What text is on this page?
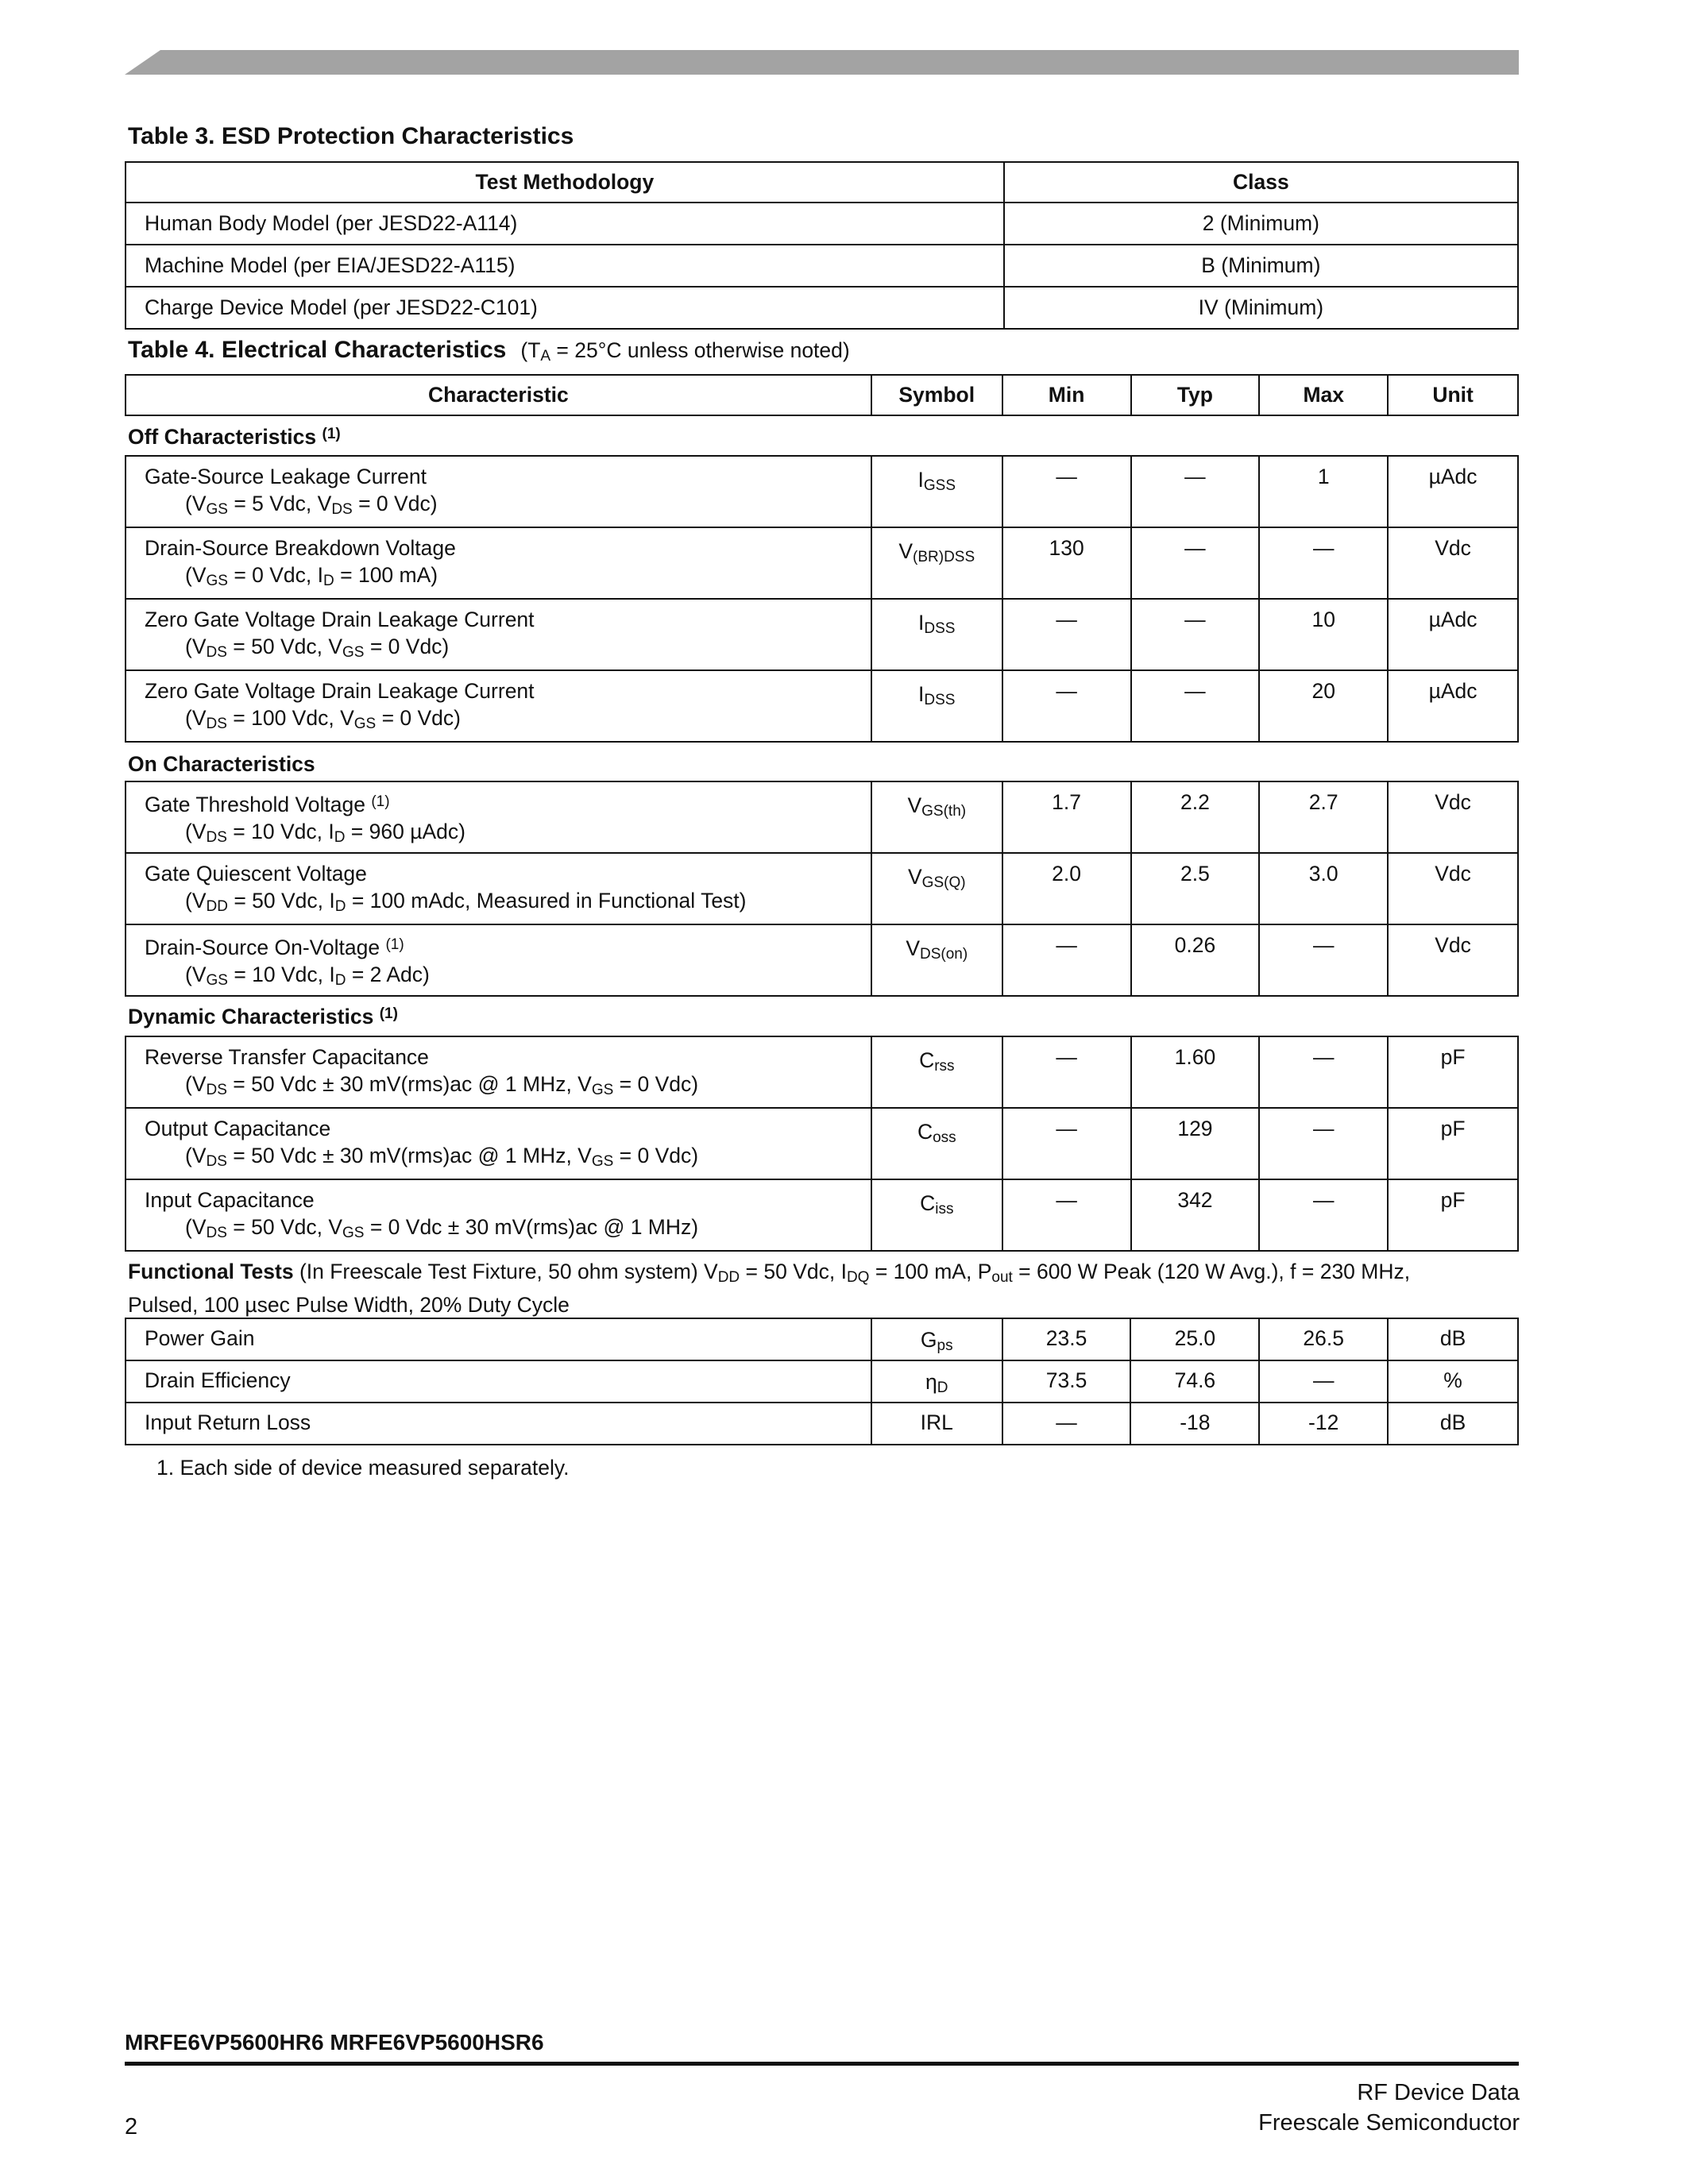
Table 3. ESD Protection Characteristics
Test Methodology	Class
Human Body Model (per JESD22-A114)	2 (Minimum)
Machine Model (per EIA/JESD22-A115)	B (Minimum)
Charge Device Model (per JESD22-C101)	IV (Minimum)
Table 4. Electrical Characteristics ($T_A = 25^\circ C$ unless otherwise noted)
Characteristic	Symbol	Min	Typ	Max	Unit
Off Characteristics $^{(1)}$
Gate-Source Leakage Current
($V_{GS} = 5$ Vdc, $V_{DS} = 0$ Vdc)	$I_{GSS}$	—	—	1	µAdc

Drain-Source Breakdown Voltage
($V_{GS} = 0$ Vdc, $I_D = 100$ mA)	$V_{(BR)DSS}$	130	—	—	Vdc

Zero Gate Voltage Drain Leakage Current
($V_{DS} = 50$ Vdc, $V_{GS} = 0$ Vdc)	$I_{DSS}$	—	—	10	µAdc

Zero Gate Voltage Drain Leakage Current
($V_{DS} = 100$ Vdc, $V_{GS} = 0$ Vdc)	$I_{DSS}$	—	—	20	µAdc
On Characteristics
Gate Threshold Voltage $^{(1)}$
($V_{DS} = 10$ Vdc, $I_D = 960$ µAdc)	$V_{GS(th)}$	1.7	2.2	2.7	Vdc

Gate Quiescent Voltage
($V_{DD} = 50$ Vdc, $I_D = 100$ mAdc, Measured in Functional Test)	$V_{GS(Q)}$	2.0	2.5	3.0	Vdc

Drain-Source On-Voltage $^{(1)}$
($V_{GS} = 10$ Vdc, $I_D = 2$ Adc)	$V_{DS(on)}$	—	0.26	—	Vdc
Dynamic Characteristics $^{(1)}$
Reverse Transfer Capacitance
($V_{DS} = 50$ Vdc ± 30 mV(rms)ac @ 1 MHz, $V_{GS} = 0$ Vdc)	$C_{rss}$	—	1.60	—	pF

Output Capacitance
($V_{DS} = 50$ Vdc ± 30 mV(rms)ac @ 1 MHz, $V_{GS} = 0$ Vdc)	$C_{oss}$	—	129	—	pF

Input Capacitance
($V_{DS} = 50$ Vdc, $V_{GS} = 0$ Vdc ± 30 mV(rms)ac @ 1 MHz)	$C_{iss}$	—	342	—	pF
Functional Tests (In Freescale Test Fixture, 50 ohm system) $V_{DD} = 50$ Vdc, $I_{DQ} = 100$ mA, $P_{out} = 600$ W Peak (120 W Avg.), f = 230 MHz,
Pulsed, 100 µsec Pulse Width, 20% Duty Cycle
Power Gain	$G_{ps}$	23.5	25.0	26.5	dB
Drain Efficiency	$\eta_D$	73.5	74.6	—	%
Input Return Loss	IRL	—	-18	-12	dB
1. Each side of device measured separately.
MRFE6VP5600HR6 MRFE6VP5600HSR6
2
RF Device Data
Freescale Semiconductor
